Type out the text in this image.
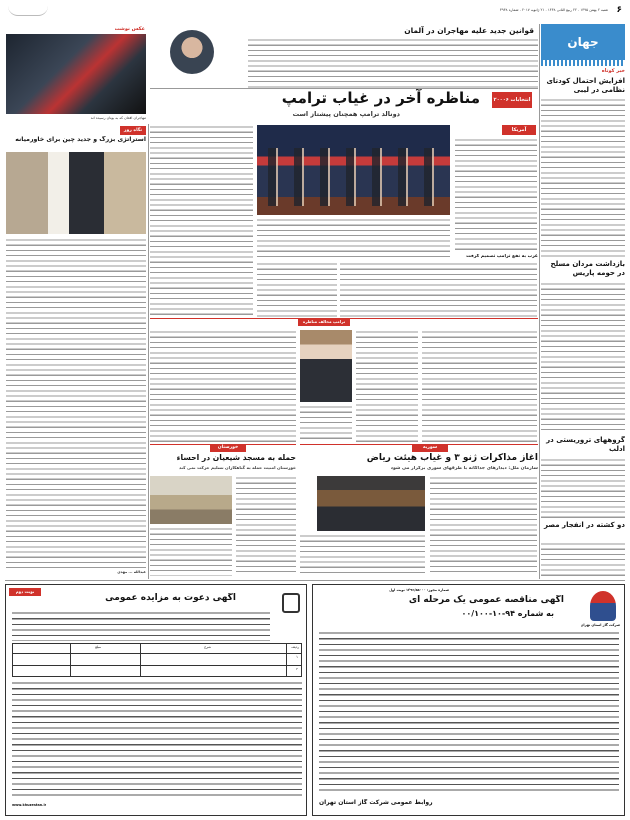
۶
شنبه ۲ بهمن ۱۳۹۵ . ۲۲ ربیع الثانی ۱۴۳۸ . ۲۱ ژانویه ۲۰۱۷ . شماره ۳۹۳۸
جهان
خبر کوتاه
افزایش احتمال کودتای نظامی در لیبی
بازداشت مردان مسلح در حومه پاریس
گروههای تروریستی در ادلب
دو کشته در انفجار مصر
قوانین جدید علیه مهاجران در آلمان
عکس نوشت
مهاجران افغان که به یونان رسیده اند
انتخابات ۲۰۰۰۶
مناظره آخر در غیاب ترامپ
دونالد ترامپ همچنان پیشتاز است
آمریکا
غرب به نفع ترامپ تصمیم گرفت
ترامپ مخالف مناظره
نگاه روز
استراتژی بزرگ و جدید چین برای خاورمیانه
عبدالله ... مهدی
سوریه
آغاز مذاکرات ژنو ۳ و غیاب هیئت ریاض
سازمان ملل: دیدارهای جداگانه با طرفهای سوری برگزار می شود
خوزستان
حمله به مسجد شیعیان در احساء
خوزستان امنیت حمله به گناهکاران تسلیم حرکت نمی کند
نوبت دوم
آگهی دعوت به مزایده عمومی
ردیف
شرح
مبلغ
۱
۲
www.khuzestan.ir
شماره مجوز: ۱۳۹۶/۵۵۰۰۰ نوبت اول
آگهی مناقصه عمومی یک مرحله ای
به شماره ۹۴-۱۰-۰۰/۱۰۰
شرکت گاز استان تهران
روابط عمومی شرکت گاز استان تهران
